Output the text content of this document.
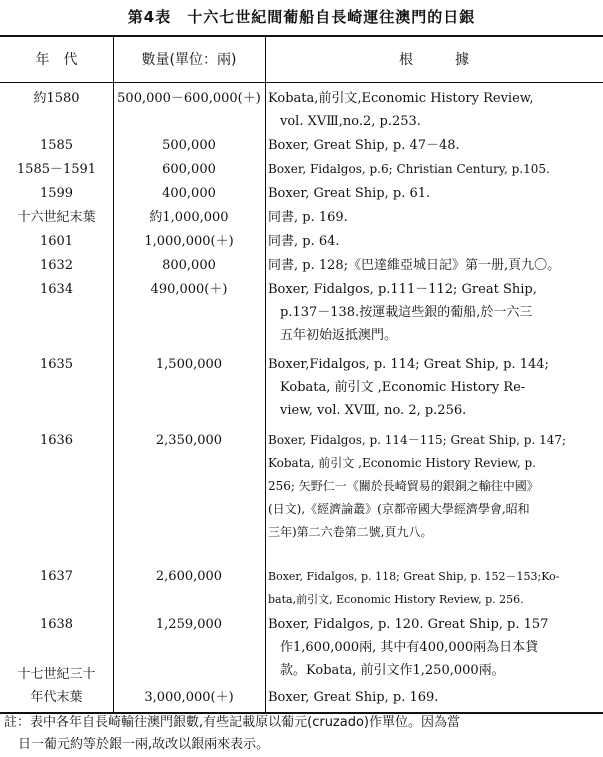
第4表　十六七世紀間葡船自長崎運往澳門的日銀
年　代	數量(單位：兩)	根　　　據
約1580	500,000－600,000(＋) Kobata,前引文,Economic History Review,
vol. XVⅢ,no.2, p.253.
1585	500,000	Boxer, Great Ship, p. 47－48.
1585－1591	600,000	Boxer, Fidalgos, p.6; Christian Century, p.105.
1599	400,000	Boxer, Great Ship, p. 61.
十六世紀末葉	約1,000,000	同書, p. 169.
1601	1,000,000(＋)	同書, p. 64.
1632	800,000	同書, p. 128;《巴達維亞城日記》第一册,頁九〇。
1634	490,000(＋)	Boxer, Fidalgos, p.111－112; Great Ship,
p.137－138.按運載這些銀的葡船,於一六三
五年初始返抵澳門。
1635	1,500,000	Boxer,Fidalgos, p. 114; Great Ship, p. 144;
Kobata, 前引文 ,Economic History Re-
view, vol. XVⅢ, no. 2, p.256.
1636	2,350,000	Boxer, Fidalgos, p. 114－115; Great Ship, p. 147;
Kobata, 前引文 ,Economic History Review, p.
256; 矢野仁一《關於長崎貿易的銀銅之輸往中國》
(日文),《經濟論叢》(京都帝國大學經濟學會,昭和
三年)第二六卷第二號,頁九八。
1637	2,600,000	Boxer, Fidalgos, p. 118; Great Ship, p. 152－153;Ko-
bata,前引文, Economic History Review, p. 256.
1638	1,259,000	Boxer, Fidalgos, p. 120. Great Ship, p. 157
作1,600,000兩, 其中有400,000兩為日本貸
款。Kobata, 前引文作1,250,000兩。
十七世紀三十
年代末葉	3,000,000(＋)	Boxer, Great Ship, p. 169.
註：表中各年自長崎輸往澳門銀數,有些記載原以葡元(cruzado)作單位。因為當
日一葡元約等於銀一兩,故改以銀兩來表示。
